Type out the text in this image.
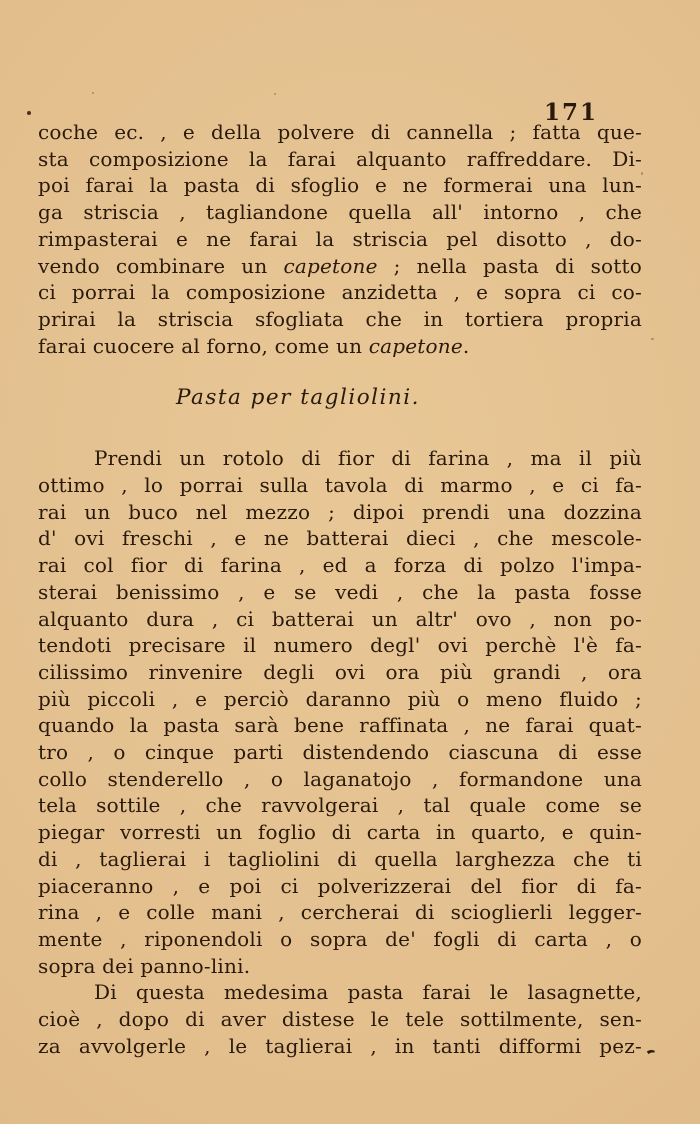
171
coche ec. , e della polvere di cannella ; fatta que-
sta composizione la farai alquanto raffreddare. Di-
poi farai la pasta di sfoglio e ne formerai una lun-
ga striscia , tagliandone quella all' intorno , che
rimpasterai e ne farai la striscia pel disotto , do-
vendo combinare un capetone ; nella pasta di sotto
ci porrai la composizione anzidetta , e sopra ci co-
prirai la striscia sfogliata che in tortiera propria
farai cuocere al forno, come un capetone.
Pasta per tagliolini.
Prendi un rotolo di fior di farina , ma il più
ottimo , lo porrai sulla tavola di marmo , e ci fa-
rai un buco nel mezzo ; dipoi prendi una dozzina
d' ovi freschi , e ne batterai dieci , che mescole-
rai col fior di farina , ed a forza di polzo l'impa-
sterai benissimo , e se vedi , che la pasta fosse
alquanto dura , ci batterai un altr' ovo , non po-
tendoti precisare il numero degl' ovi perchè l'è fa-
cilissimo rinvenire degli ovi ora più grandi , ora
più piccoli , e perciò daranno più o meno fluido ;
quando la pasta sarà bene raffinata , ne farai quat-
tro , o cinque parti distendendo ciascuna di esse
collo stenderello , o laganatojo , formandone una
tela sottile , che ravvolgerai , tal quale come se
piegar vorresti un foglio di carta in quarto, e quin-
di , taglierai i tagliolini di quella larghezza che ti
piaceranno , e poi ci polverizzerai del fior di fa-
rina , e colle mani , cercherai di scioglierli legger-
mente , riponendoli o sopra de' fogli di carta , o
sopra dei panno-lini.
Di questa medesima pasta farai le lasagnette,
cioè , dopo di aver distese le tele sottilmente, sen-
za avvolgerle , le taglierai , in tanti difformi pez-
,
